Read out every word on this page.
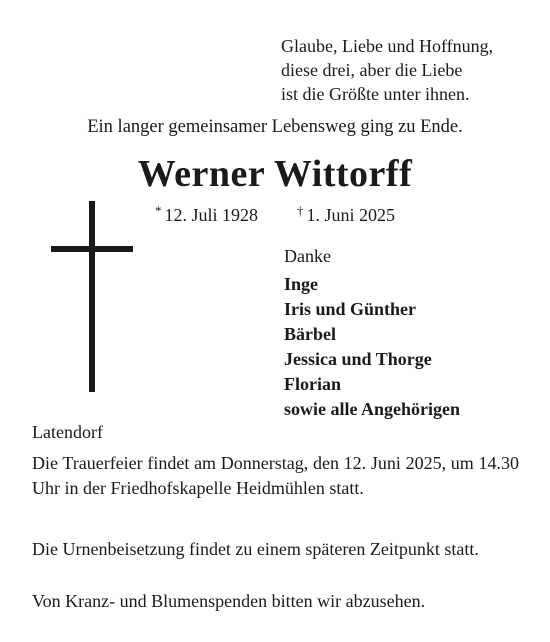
Glaube, Liebe und Hoffnung,
diese drei, aber die Liebe
ist die Größte unter ihnen.
Ein langer gemeinsamer Lebensweg ging zu Ende.
Werner Wittorff
* 12. Juli 1928	† 1. Juni 2025
Danke
Inge
Iris und Günther
Bärbel
Jessica und Thorge
Florian
sowie alle Angehörigen
Latendorf
Die Trauerfeier findet am Donnerstag, den 12. Juni 2025, um 14.30 Uhr in der Friedhofskapelle Heidmühlen statt.
Die Urnenbeisetzung findet zu einem späteren Zeitpunkt statt.
Von Kranz- und Blumenspenden bitten wir abzusehen.
